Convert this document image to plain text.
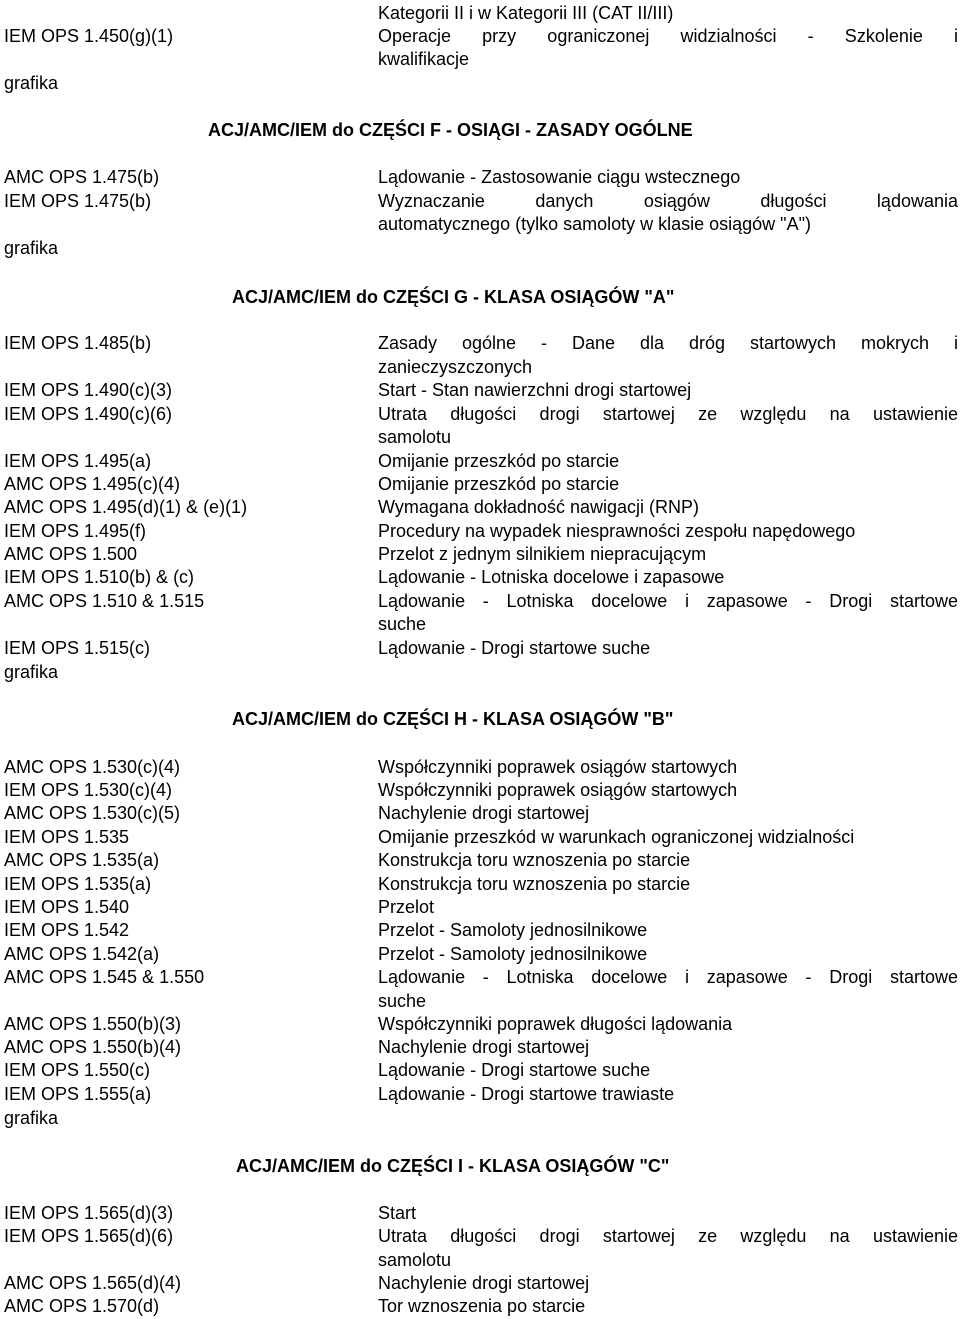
Kategorii II i w Kategorii III (CAT II/III)
IEM OPS 1.450(g)(1)	Operacje przy ograniczonej widzialności - Szkolenie i
kwalifikacje
grafika
ACJ/AMC/IEM do CZĘŚCI F - OSIĄGI - ZASADY OGÓLNE
AMC OPS 1.475(b)	Lądowanie - Zastosowanie ciągu wstecznego
IEM OPS 1.475(b)	Wyznaczanie danych osiągów długości lądowania
automatycznego (tylko samoloty w klasie osiągów "A")
grafika
ACJ/AMC/IEM do CZĘŚCI G - KLASA OSIĄGÓW "A"
IEM OPS 1.485(b)	Zasady ogólne - Dane dla dróg startowych mokrych i
zanieczyszczonych
IEM OPS 1.490(c)(3)	Start - Stan nawierzchni drogi startowej
IEM OPS 1.490(c)(6)	Utrata długości drogi startowej ze względu na ustawienie
samolotu
IEM OPS 1.495(a)	Omijanie przeszkód po starcie
AMC OPS 1.495(c)(4)	Omijanie przeszkód po starcie
AMC OPS 1.495(d)(1) & (e)(1)	Wymagana dokładność nawigacji (RNP)
IEM OPS 1.495(f)	Procedury na wypadek niesprawności zespołu napędowego
AMC OPS 1.500	Przelot z jednym silnikiem niepracującym
IEM OPS 1.510(b) & (c)	Lądowanie - Lotniska docelowe i zapasowe
AMC OPS 1.510 & 1.515	Lądowanie - Lotniska docelowe i zapasowe - Drogi startowe
suche
IEM OPS 1.515(c)	Lądowanie - Drogi startowe suche
grafika
ACJ/AMC/IEM do CZĘŚCI H - KLASA OSIĄGÓW "B"
AMC OPS 1.530(c)(4)	Współczynniki poprawek osiągów startowych
IEM OPS 1.530(c)(4)	Współczynniki poprawek osiągów startowych
AMC OPS 1.530(c)(5)	Nachylenie drogi startowej
IEM OPS 1.535	Omijanie przeszkód w warunkach ograniczonej widzialności
AMC OPS 1.535(a)	Konstrukcja toru wznoszenia po starcie
IEM OPS 1.535(a)	Konstrukcja toru wznoszenia po starcie
IEM OPS 1.540	Przelot
IEM OPS 1.542	Przelot - Samoloty jednosilnikowe
AMC OPS 1.542(a)	Przelot - Samoloty jednosilnikowe
AMC OPS 1.545 & 1.550	Lądowanie - Lotniska docelowe i zapasowe - Drogi startowe
suche
AMC OPS 1.550(b)(3)	Współczynniki poprawek długości lądowania
AMC OPS 1.550(b)(4)	Nachylenie drogi startowej
IEM OPS 1.550(c)	Lądowanie - Drogi startowe suche
IEM OPS 1.555(a)	Lądowanie - Drogi startowe trawiaste
grafika
ACJ/AMC/IEM do CZĘŚCI I - KLASA OSIĄGÓW "C"
IEM OPS 1.565(d)(3)	Start
IEM OPS 1.565(d)(6)	Utrata długości drogi startowej ze względu na ustawienie
samolotu
AMC OPS 1.565(d)(4)	Nachylenie drogi startowej
AMC OPS 1.570(d)	Tor wznoszenia po starcie
